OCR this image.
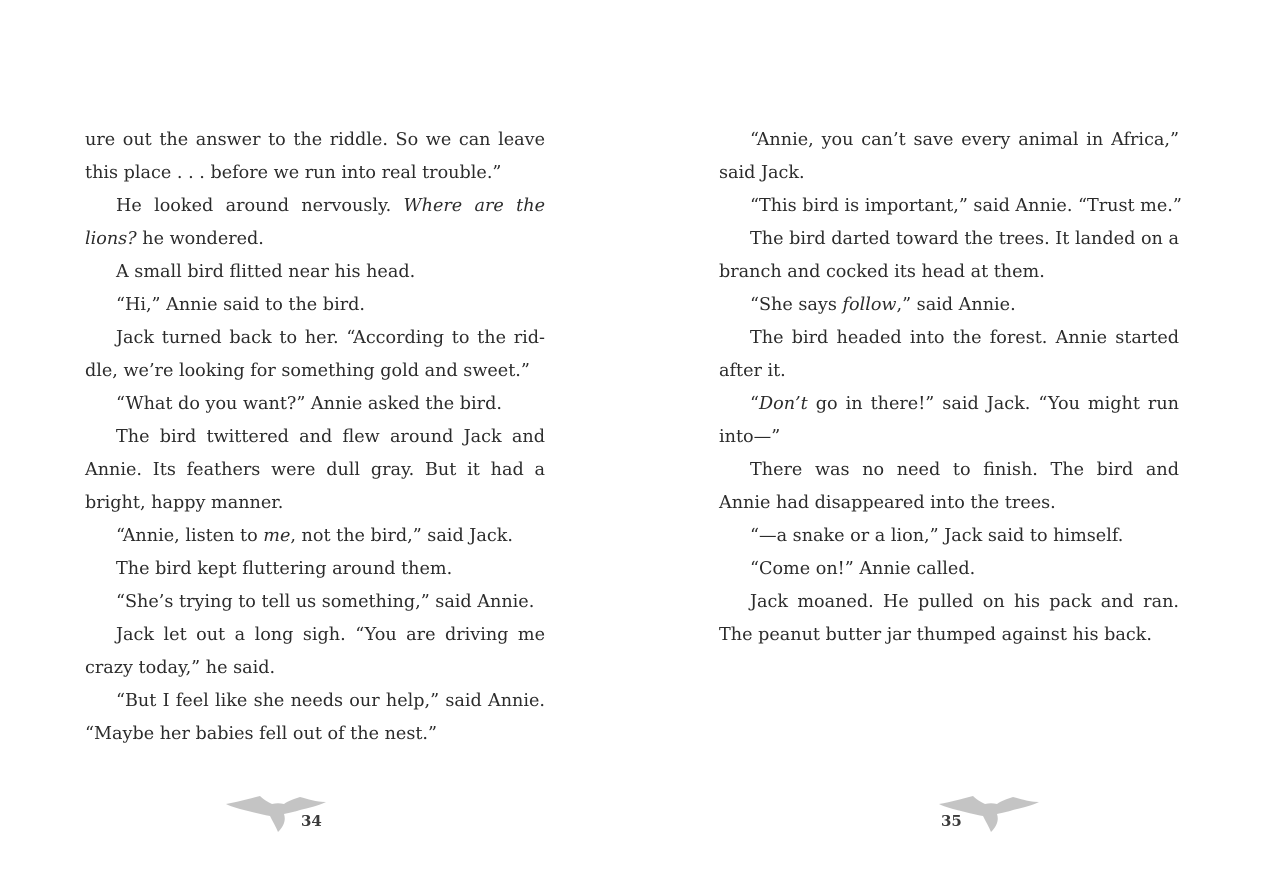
ure out the answer to the riddle. So we can leave
this place . . . before we run into real trouble.”
He looked around nervously. Where are the
lions? he wondered.
A small bird flitted near his head.
“Hi,” Annie said to the bird.
Jack turned back to her. “According to the rid-
dle, we’re looking for something gold and sweet.”
“What do you want?” Annie asked the bird.
The bird twittered and flew around Jack and
Annie. Its feathers were dull gray. But it had a
bright, happy manner.
“Annie, listen to me, not the bird,” said Jack.
The bird kept fluttering around them.
“She’s trying to tell us something,” said Annie.
Jack let out a long sigh. “You are driving me
crazy today,” he said.
“But I feel like she needs our help,” said Annie.
“Maybe her babies fell out of the nest.”
“Annie, you can’t save every animal in Africa,”
said Jack.
“This bird is important,” said Annie. “Trust me.”
The bird darted toward the trees. It landed on a
branch and cocked its head at them.
“She says follow,” said Annie.
The bird headed into the forest. Annie started
after it.
“Don’t go in there!” said Jack. “You might run
into—”
There was no need to finish. The bird and
Annie had disappeared into the trees.
“—a snake or a lion,” Jack said to himself.
“Come on!” Annie called.
Jack moaned. He pulled on his pack and ran.
The peanut butter jar thumped against his back.
34	35
